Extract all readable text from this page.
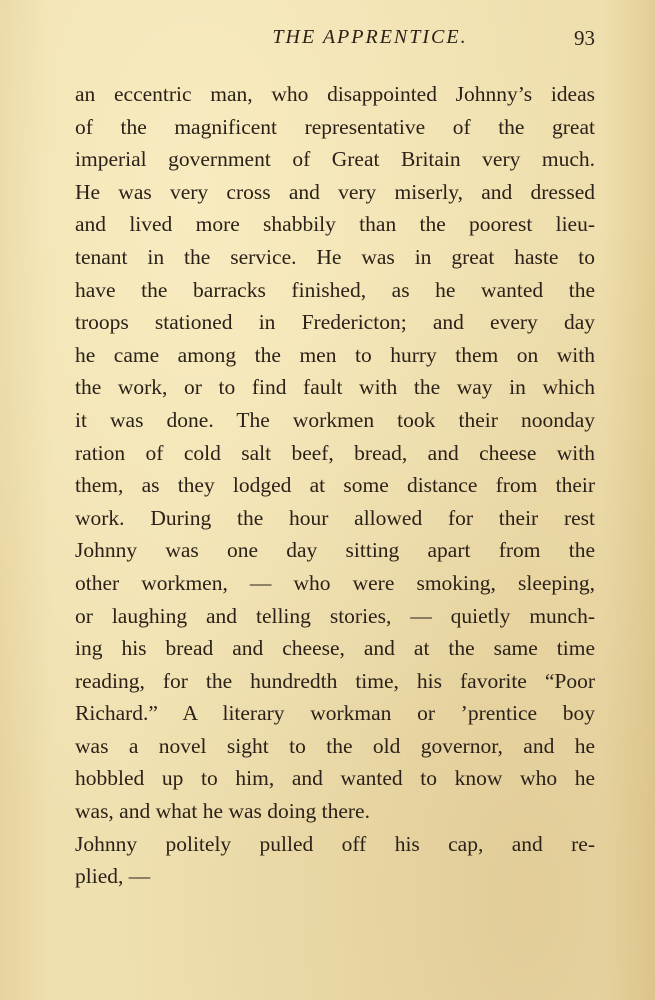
THE APPRENTICE.	93
an eccentric man, who disappointed Johnny’s ideas
of the magnificent representative of the great
imperial government of Great Britain very much.
He was very cross and very miserly, and dressed
and lived more shabbily than the poorest lieu-
tenant in the service. He was in great haste to
have the barracks finished, as he wanted the
troops stationed in Fredericton; and every day
he came among the men to hurry them on with
the work, or to find fault with the way in which
it was done. The workmen took their noonday
ration of cold salt beef, bread, and cheese with
them, as they lodged at some distance from their
work. During the hour allowed for their rest
Johnny was one day sitting apart from the
other workmen, — who were smoking, sleeping,
or laughing and telling stories, — quietly munch-
ing his bread and cheese, and at the same time
reading, for the hundredth time, his favorite “Poor
Richard.” A literary workman or ’prentice boy
was a novel sight to the old governor, and he
hobbled up to him, and wanted to know who he
was, and what he was doing there.
Johnny politely pulled off his cap, and re-
plied, —
